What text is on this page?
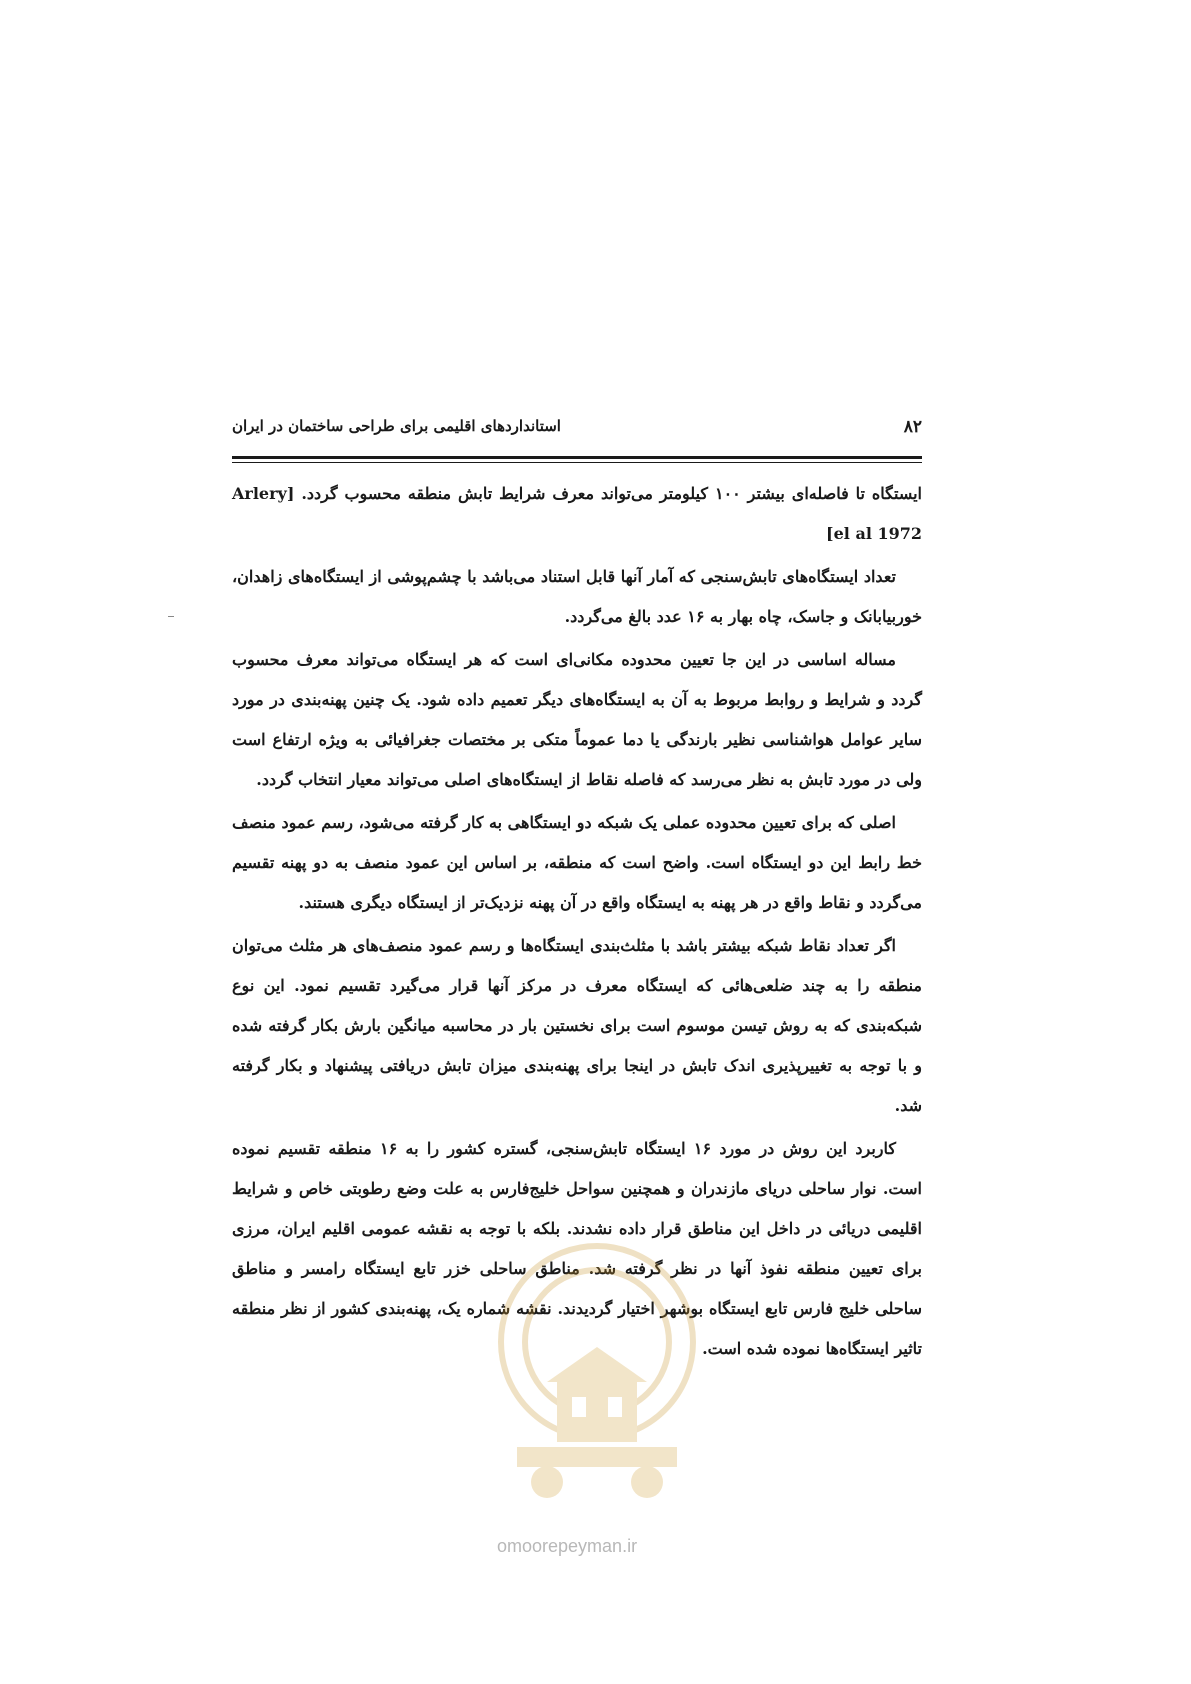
۸۲
استانداردهای اقلیمی برای طراحی ساختمان در ایران

ایستگاه تا فاصله‌ای بیشتر ۱۰۰ کیلومتر می‌تواند معرف شرایط تابش منطقه محسوب گردد. [Arlery el al 1972]

تعداد ایستگاه‌های تابش‌سنجی که آمار آنها قابل استناد می‌باشد با چشم‌پوشی از ایستگاه‌های زاهدان، خوربیابانک و جاسک، چاه بهار به ۱۶ عدد بالغ می‌گردد.

مساله اساسی در این جا تعیین محدوده مکانی‌ای است که هر ایستگاه می‌تواند معرف محسوب گردد و شرایط و روابط مربوط به آن به ایستگاه‌های دیگر تعمیم داده شود. یک چنین پهنه‌بندی در مورد سایر عوامل هواشناسی نظیر بارندگی یا دما عموماً متکی بر مختصات جغرافیائی به ویژه ارتفاع است ولی در مورد تابش به نظر می‌رسد که فاصله نقاط از ایستگاه‌های اصلی می‌تواند معیار انتخاب گردد.

اصلی که برای تعیین محدوده عملی یک شبکه دو ایستگاهی به کار گرفته می‌شود، رسم عمود منصف خط رابط این دو ایستگاه است. واضح است که منطقه، بر اساس این عمود منصف به دو پهنه تقسیم می‌گردد و نقاط واقع در هر پهنه به ایستگاه واقع در آن پهنه نزدیک‌تر از ایستگاه دیگری هستند.

اگر تعداد نقاط شبکه بیشتر باشد با مثلث‌بندی ایستگاه‌ها و رسم عمود منصف‌های هر مثلث می‌توان منطقه را به چند ضلعی‌هائی که ایستگاه معرف در مرکز آنها قرار می‌گیرد تقسیم نمود. این نوع شبکه‌بندی که به روش تیسن موسوم است برای نخستین بار در محاسبه میانگین بارش بکار گرفته شده و با توجه به تغییرپذیری اندک تابش در اینجا برای پهنه‌بندی میزان تابش دریافتی پیشنهاد و بکار گرفته شد.

کاربرد این روش در مورد ۱۶ ایستگاه تابش‌سنجی، گستره کشور را به ۱۶ منطقه تقسیم نموده است. نوار ساحلی دریای مازندران و همچنین سواحل خلیج‌فارس به علت وضع رطوبتی خاص و شرایط اقلیمی دریائی در داخل این مناطق قرار داده نشدند. بلکه با توجه به نقشه عمومی اقلیم ایران، مرزی برای تعیین منطقه نفوذ آنها در نظر گرفته شد. مناطق ساحلی خزر تابع ایستگاه رامسر و مناطق ساحلی خلیج فارس تابع ایستگاه بوشهر اختیار گردیدند. نقشه شماره یک، پهنه‌بندی کشور از نظر منطقه تاثیر ایستگاه‌ها نموده شده است.

omoorepeyman.ir
